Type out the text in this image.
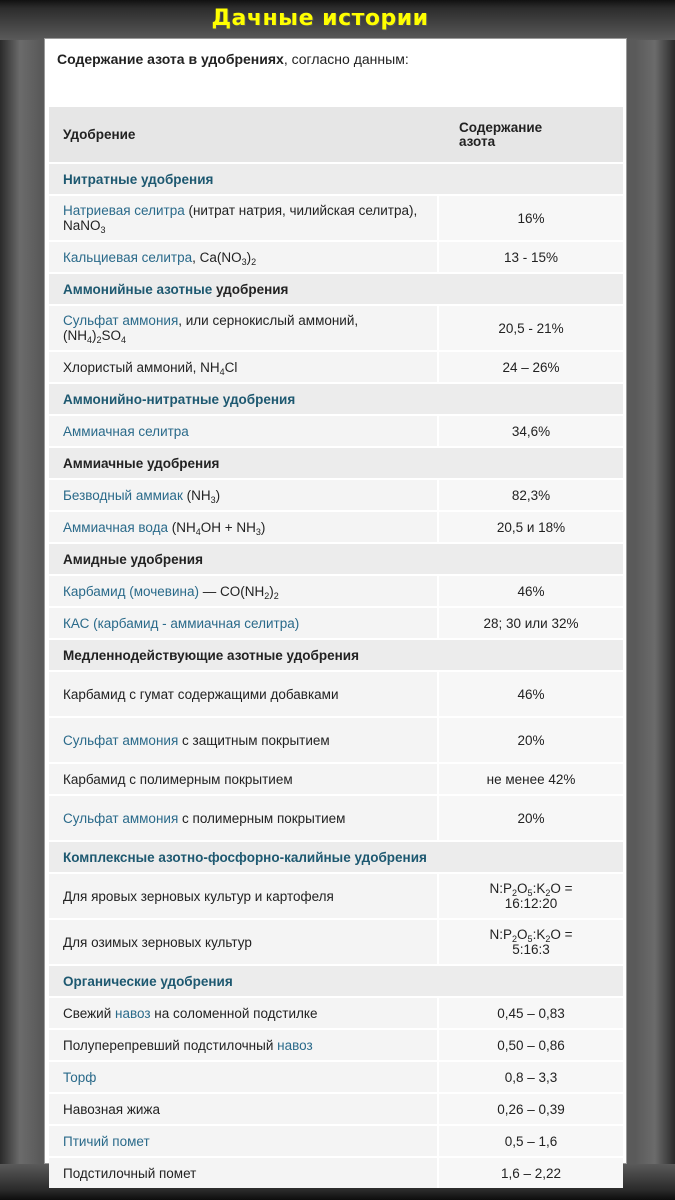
Дачные истории
Содержание азота в удобрениях, согласно данным:
Удобрение	Содержание
азота
Нитратные удобрения	
Натриевая селитра (нитрат натрия, чилийская селитра), NaNO$_3$	16%
Кальциевая селитра, $Ca(NO_3)_2$	13 - 15%
Аммонийные азотные удобрения	
Сульфат аммония, или сернокислый аммоний, $(NH_4)_2SO_4$	20,5 - 21%
Хлористый аммоний, $NH_4Cl$	24 – 26%
Аммонийно-нитратные удобрения	
Аммиачная селитра	34,6%
Аммиачные удобрения	
Безводный аммиак $(NH_3)$	82,3%
Аммиачная вода $(NH_4OH + NH_3)$	20,5 и 18%
Амидные удобрения	
Карбамид (мочевина) — $CO(NH_2)_2$	46%
КАС (карбамид - аммиачная селитра)	28; 30 или 32%
Медленнодействующие азотные удобрения	
Карбамид с гумат содержащими добавками	46%
Сульфат аммония с защитным покрытием	20%
Карбамид с полимерным покрытием	не менее 42%
Сульфат аммония с полимерным покрытием	20%
Комплексные азотно-фосфорно-калийные удобрения	
Для яровых зерновых культур и картофеля	$N:P_2O_5:K_2O$ =
16:12:20
Для озимых зерновых культур	$N:P_2O_5:K_2O$ =
5:16:3
Органические удобрения	
Свежий навоз на соломенной подстилке	0,45 – 0,83
Полуперепревший подстилочный навоз	0,50 – 0,86
Торф	0,8 – 3,3
Навозная жижа	0,26 – 0,39
Птичий помет	0,5 – 1,6
Подстилочный помет	1,6 – 2,22
